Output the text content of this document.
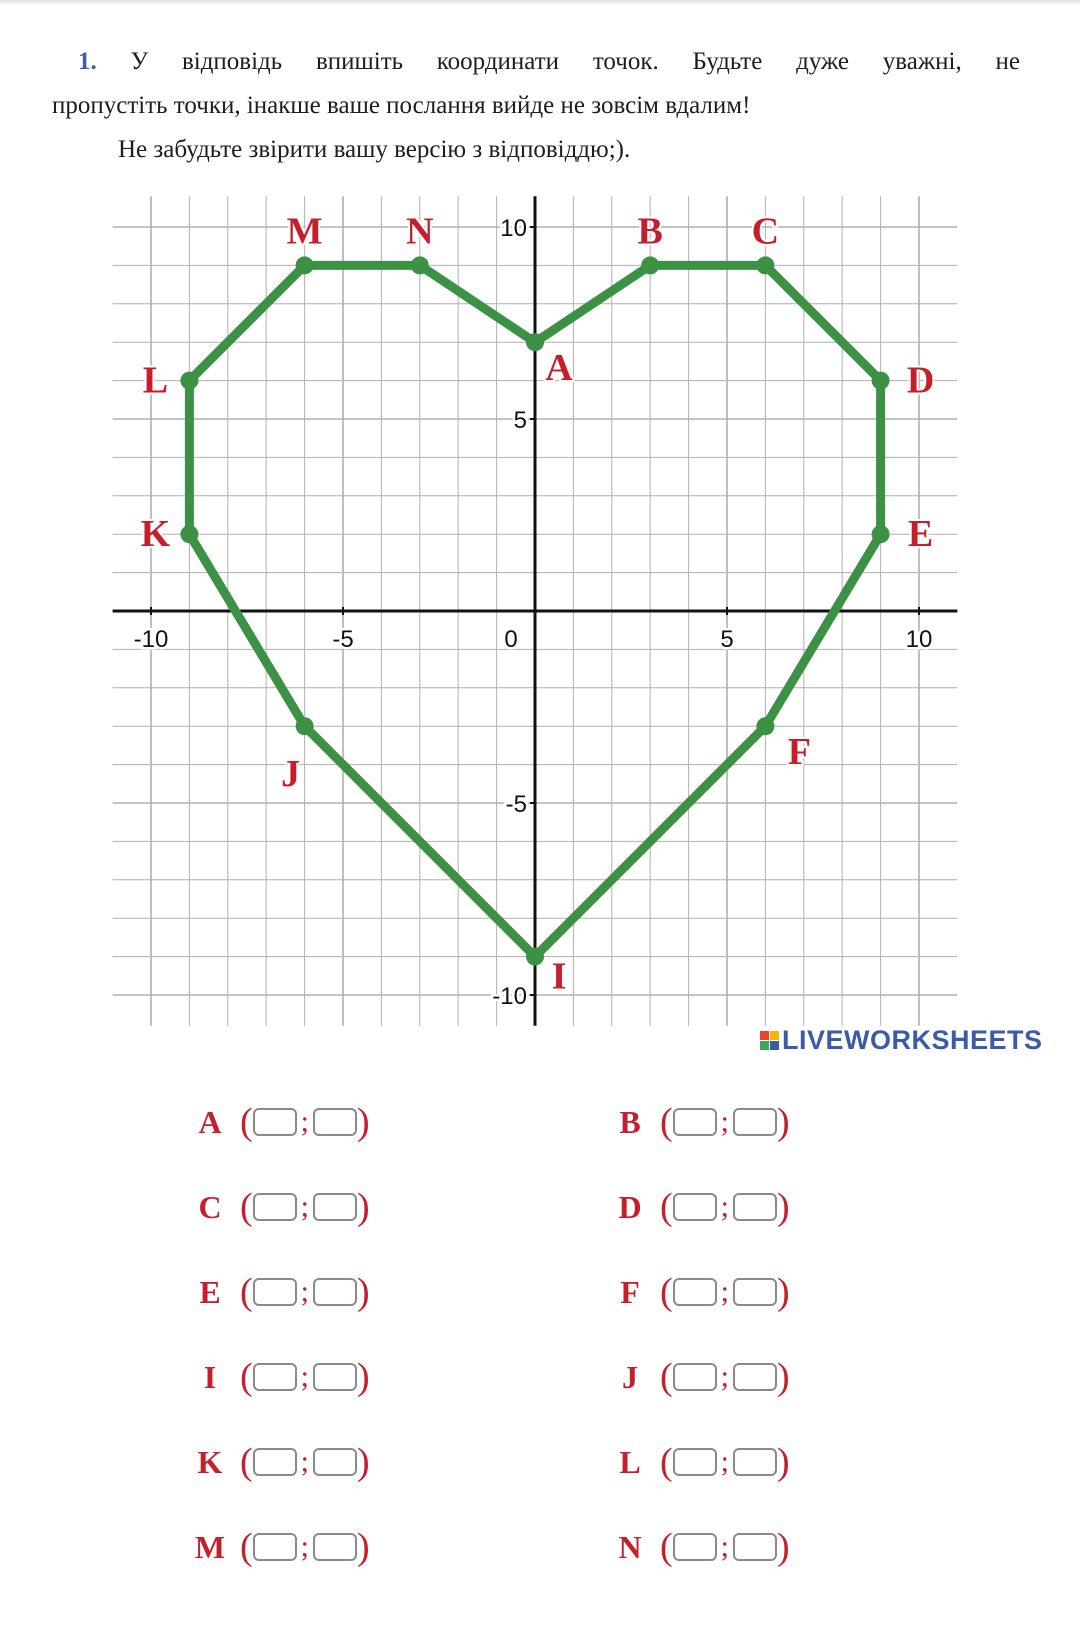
1. У відповідь впишіть координати точок. Будьте дуже уважні, не
пропустіть точки, інакше ваше послання вийде не зовсім вдалим!
Не забудьте звірити вашу версію з відповіддю;).
-10	-5	0	5	10
10
5
-5
-10
A
B C
D
E
F
I
J
K
L
M N
LIVEWORKSHEETS
A ( ; )	B ( ; )
C ( ; )	D ( ; )
E ( ; )	F ( ; )
I ( ; )	J ( ; )
K ( ; )	L ( ; )
M ( ; )	N ( ; )
